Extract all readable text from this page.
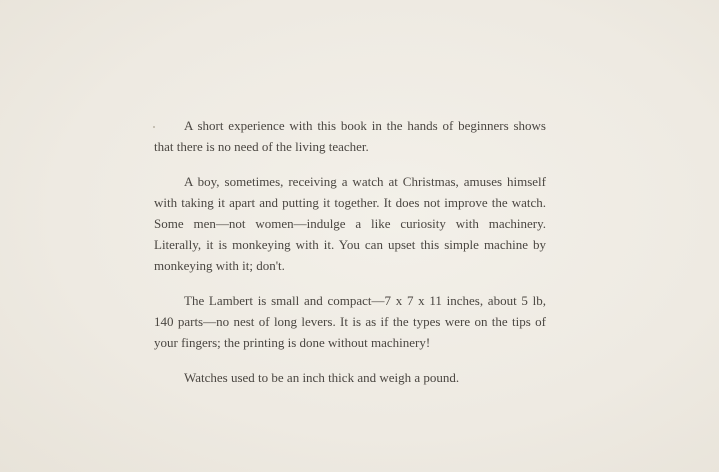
A short experience with this book in the hands of beginners shows that there is no need of the living teacher.

A boy, sometimes, receiving a watch at Christmas, amuses himself with taking it apart and putting it together. It does not improve the watch. Some men—not women—indulge a like curiosity with machinery. Literally, it is monkeying with it. You can upset this simple machine by monkeying with it; don't.

The Lambert is small and compact—7 x 7 x 11 inches, about 5 lb, 140 parts—no nest of long levers. It is as if the types were on the tips of your fingers; the printing is done without machinery!

Watches used to be an inch thick and weigh a pound.
